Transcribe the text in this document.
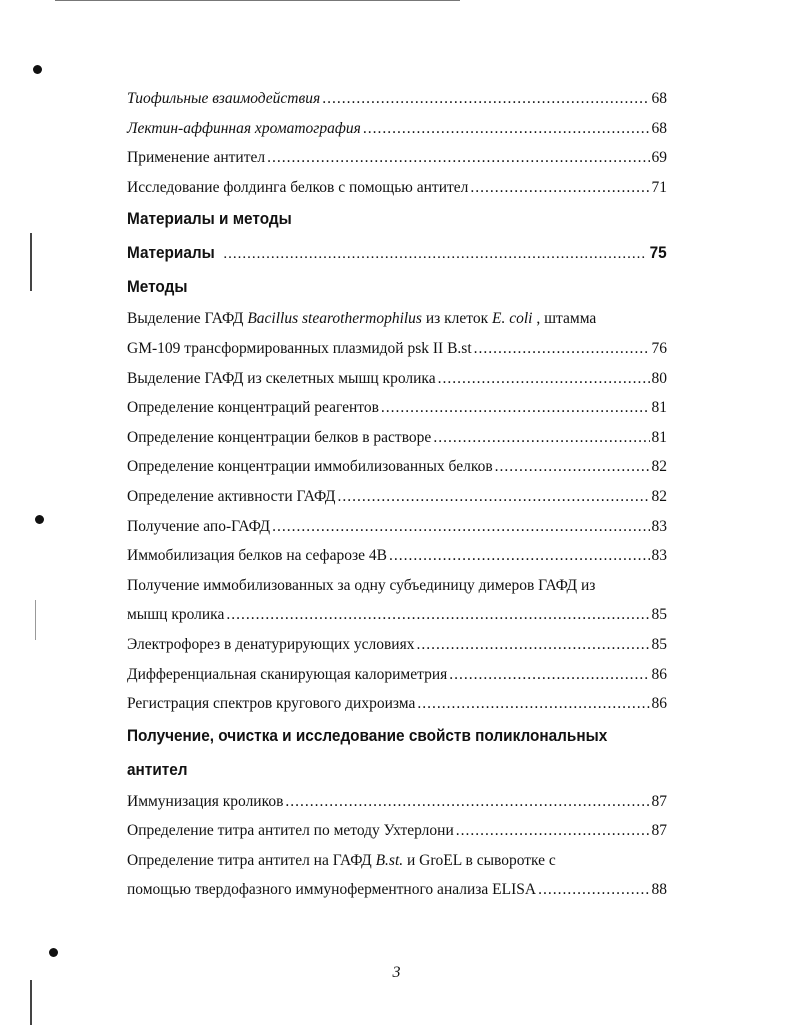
Тиофильные взаимодействия .....	68
Лектин-аффинная хроматография .....	68
Применение антител .....	69
Исследование фолдинга белков с помощью антител .....	71
Материалы и методы
Материалы .....	75
Методы
Выделение ГАФД Bacillus stearothermophilus из клеток E. coli , штамма
GM-109 трансформированных плазмидой psk II B.st .....	76
Выделение ГАФД из скелетных мышц кролика .....	80
Определение концентраций реагентов .....	81
Определение концентрации белков в растворе .....	81
Определение концентрации иммобилизованных белков .....	82
Определение активности ГАФД .....	82
Получение апо-ГАФД .....	83
Иммобилизация белков на сефарозе 4B .....	83
Получение иммобилизованных за одну субъединицу димеров ГАФД из
мышц кролика .....	85
Электрофорез в денатурирующих условиях .....	85
Дифференциальная сканирующая калориметрия .....	86
Регистрация спектров кругового дихроизма .....	86
Получение, очистка и исследование свойств поликлональных
антител
Иммунизация кроликов .....	87
Определение титра антител по методу Ухтерлони .....	87
Определение титра антител на ГАФД B.st. и GroEL в сыворотке с
помощью твердофазного иммуноферментного анализа ELISA .....	88
3
